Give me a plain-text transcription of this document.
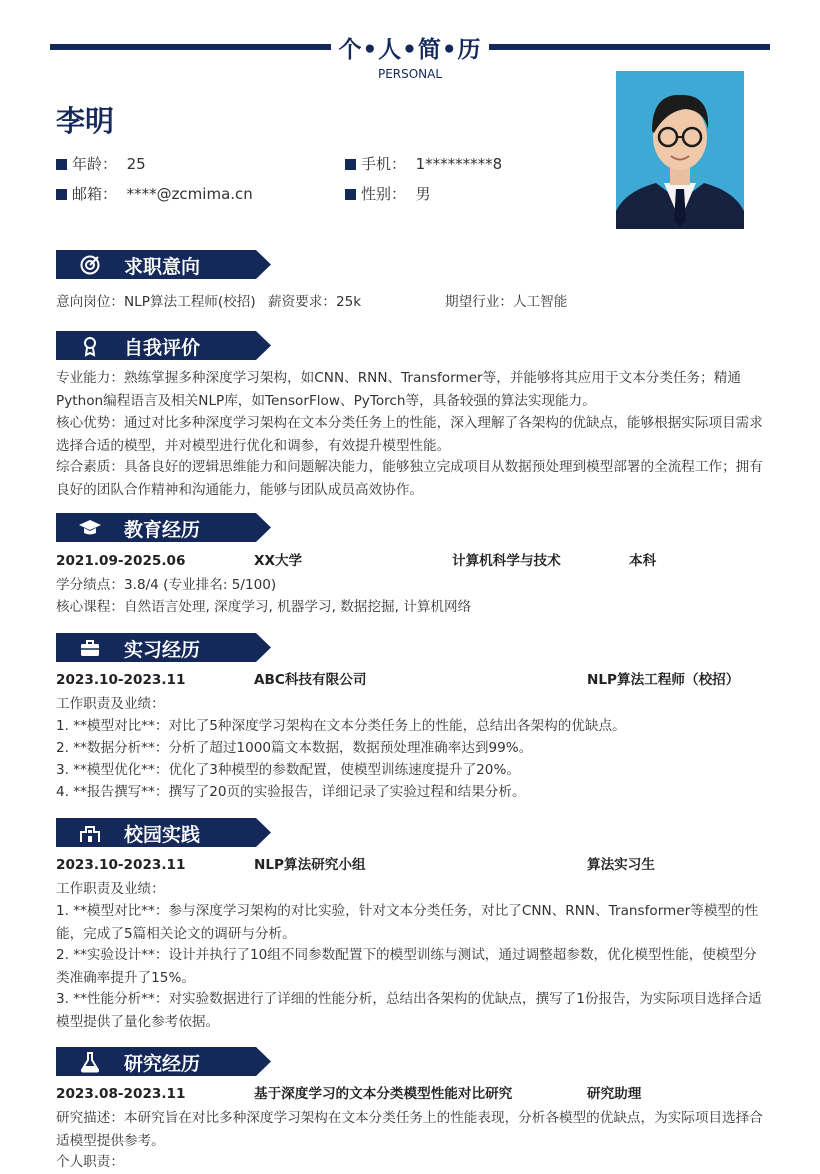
个•人•简•历
PERSONAL
李明
年龄： 25	手机： 1*********8
邮箱： ****@zcmima.cn	性别： 男
求职意向
意向岗位：NLP算法工程师(校招) 薪资要求：25k	期望行业：人工智能
自我评价
专业能力：熟练掌握多种深度学习架构，如CNN、RNN、Transformer等，并能够将其应用于文本分类任务；精通Python编程语言及相关NLP库，如TensorFlow、PyTorch等，具备较强的算法实现能力。
核心优势：通过对比多种深度学习架构在文本分类任务上的性能，深入理解了各架构的优缺点，能够根据实际项目需求选择合适的模型，并对模型进行优化和调参，有效提升模型性能。
综合素质：具备良好的逻辑思维能力和问题解决能力，能够独立完成项目从数据预处理到模型部署的全流程工作；拥有良好的团队合作精神和沟通能力，能够与团队成员高效协作。
教育经历
2021.09-2025.06	XX大学	计算机科学与技术	本科
学分绩点：3.8/4 (专业排名: 5/100)
核心课程：自然语言处理, 深度学习, 机器学习, 数据挖掘, 计算机网络
实习经历
2023.10-2023.11	ABC科技有限公司	NLP算法工程师（校招）
工作职责及业绩：
1. **模型对比**：对比了5种深度学习架构在文本分类任务上的性能，总结出各架构的优缺点。
2. **数据分析**：分析了超过1000篇文本数据，数据预处理准确率达到99%。
3. **模型优化**：优化了3种模型的参数配置，使模型训练速度提升了20%。
4. **报告撰写**：撰写了20页的实验报告，详细记录了实验过程和结果分析。
校园实践
2023.10-2023.11	NLP算法研究小组	算法实习生
工作职责及业绩：
1. **模型对比**：参与深度学习架构的对比实验，针对文本分类任务，对比了CNN、RNN、Transformer等模型的性能，完成了5篇相关论文的调研与分析。
2. **实验设计**：设计并执行了10组不同参数配置下的模型训练与测试，通过调整超参数，优化模型性能，使模型分类准确率提升了15%。
3. **性能分析**：对实验数据进行了详细的性能分析，总结出各架构的优缺点，撰写了1份报告，为实际项目选择合适模型提供了量化参考依据。
研究经历
2023.08-2023.11	基于深度学习的文本分类模型性能对比研究	研究助理
研究描述：本研究旨在对比多种深度学习架构在文本分类任务上的性能表现，分析各模型的优缺点，为实际项目选择合适模型提供参考。
个人职责：
